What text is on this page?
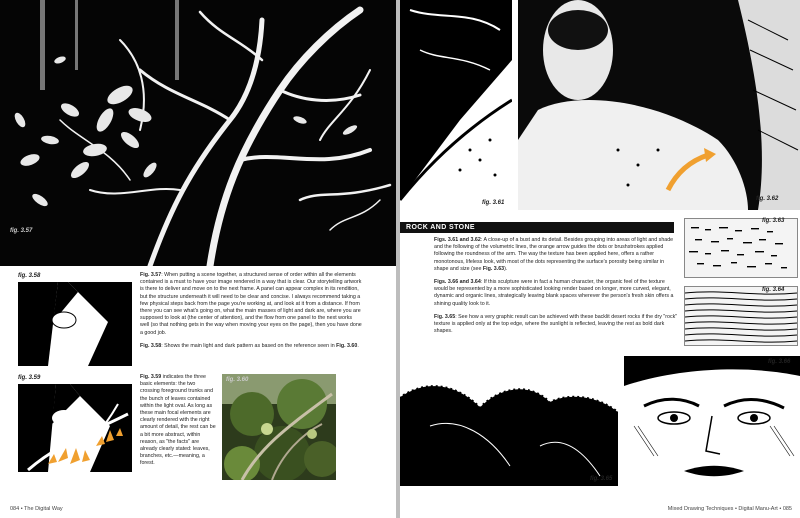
fig. 3.57
fig. 3.58
fig. 3.59	fig. 3.60

Fig. 3.57: When putting a scene together, a structured sense of order within all the elements contained is a must to have your image rendered in a way that is clear. Our storytelling artwork is there to deliver and move on to the next frame. A panel can appear complex in its rendition, but the structure underneath it will need to be clear and concise. I always recommend taking a few physical steps back from the page you're working at, and look at it from a distance. If from there you can see what's going on, what the main masses of light and dark are, where you are supposed to look at (the center of attention), and the flow from one panel to the next works well (so that nothing gets in the way when moving your eyes on the page), then you have done a good job.

Fig. 3.58: Shows the main light and dark pattern as based on the reference seen in Fig. 3.60.

Fig. 3.59 indicates the three basic elements: the two crossing foreground trunks and the bunch of leaves contained within the light oval. As long as these main focal elements are clearly rendered with the right amount of detail, the rest can be a bit more abstract, within reason, as "the facts" are already clearly stated: leaves, branches, etc.—meaning, a forest.

084 • The Digital Way
fig. 3.61
fig. 3.62
ROCK AND STONE
fig. 3.63
fig. 3.64

Figs. 3.61 and 3.62: A close-up of a bust and its detail. Besides grouping into areas of light and shade and the following of the volumetric lines, the orange arrow guides the dots or brushstrokes applied following the roundness of the arm. The way the texture has been applied here, offers a rather monotonous, lifeless look, with most of the dots representing the surface's porosity being similar in shape and size (see Fig. 3.63).

Figs. 3.66 and 3.64: If this sculpture were in fact a human character, the organic feel of the texture would be represented by a more sophisticated looking render based on longer, more curved, elegant, dynamic and organic lines, strategically leaving blank spaces wherever the person's fresh skin offers a shining quality look to it.

Fig. 3.65: See how a very graphic result can be achieved with these backlit desert rocks if the dry "rock" texture is applied only at the top edge, where the sunlight is reflected, leaving the rest as bold dark shapes.

fig. 3.65
fig. 3.66
Mixed Drawing Techniques • Digital Manu-Art • 085
